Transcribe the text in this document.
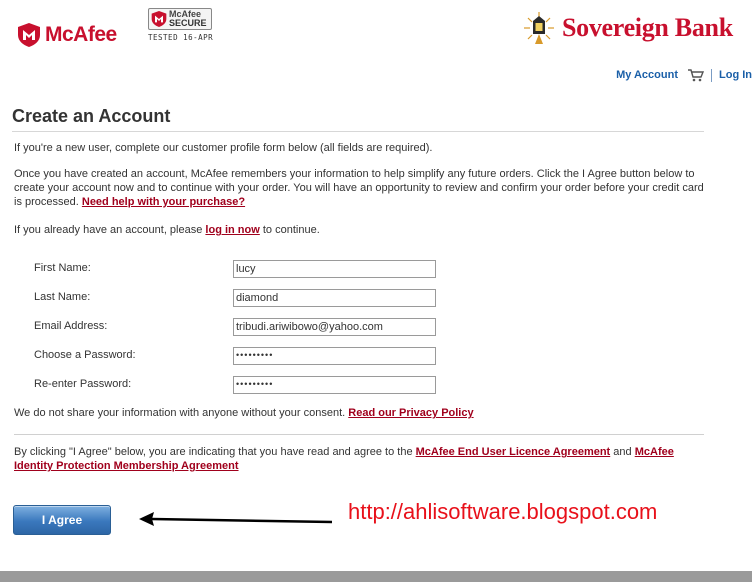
McAfee
McAfee
SECURE
TESTED 16-APR	Sovereign Bank
My Account	Log In
Create an Account
If you're a new user, complete our customer profile form below (all fields are required).
Once you have created an account, McAfee remembers your information to help simplify any future orders. Click the I Agree button below to create your account now and to continue with your order. You will have an opportunity to review and confirm your order before your credit card is processed. Need help with your purchase?
If you already have an account, please log in now to continue.
First Name:	lucy
Last Name:	diamond
Email Address:	tribudi.ariwibowo@yahoo.com
Choose a Password:	•••••••••
Re-enter Password:	•••••••••
We do not share your information with anyone without your consent. Read our Privacy Policy
By clicking "I Agree" below, you are indicating that you have read and agree to the McAfee End User Licence Agreement and McAfee Identity Protection Membership Agreement
I Agree	http://ahlisoftware.blogspot.com
